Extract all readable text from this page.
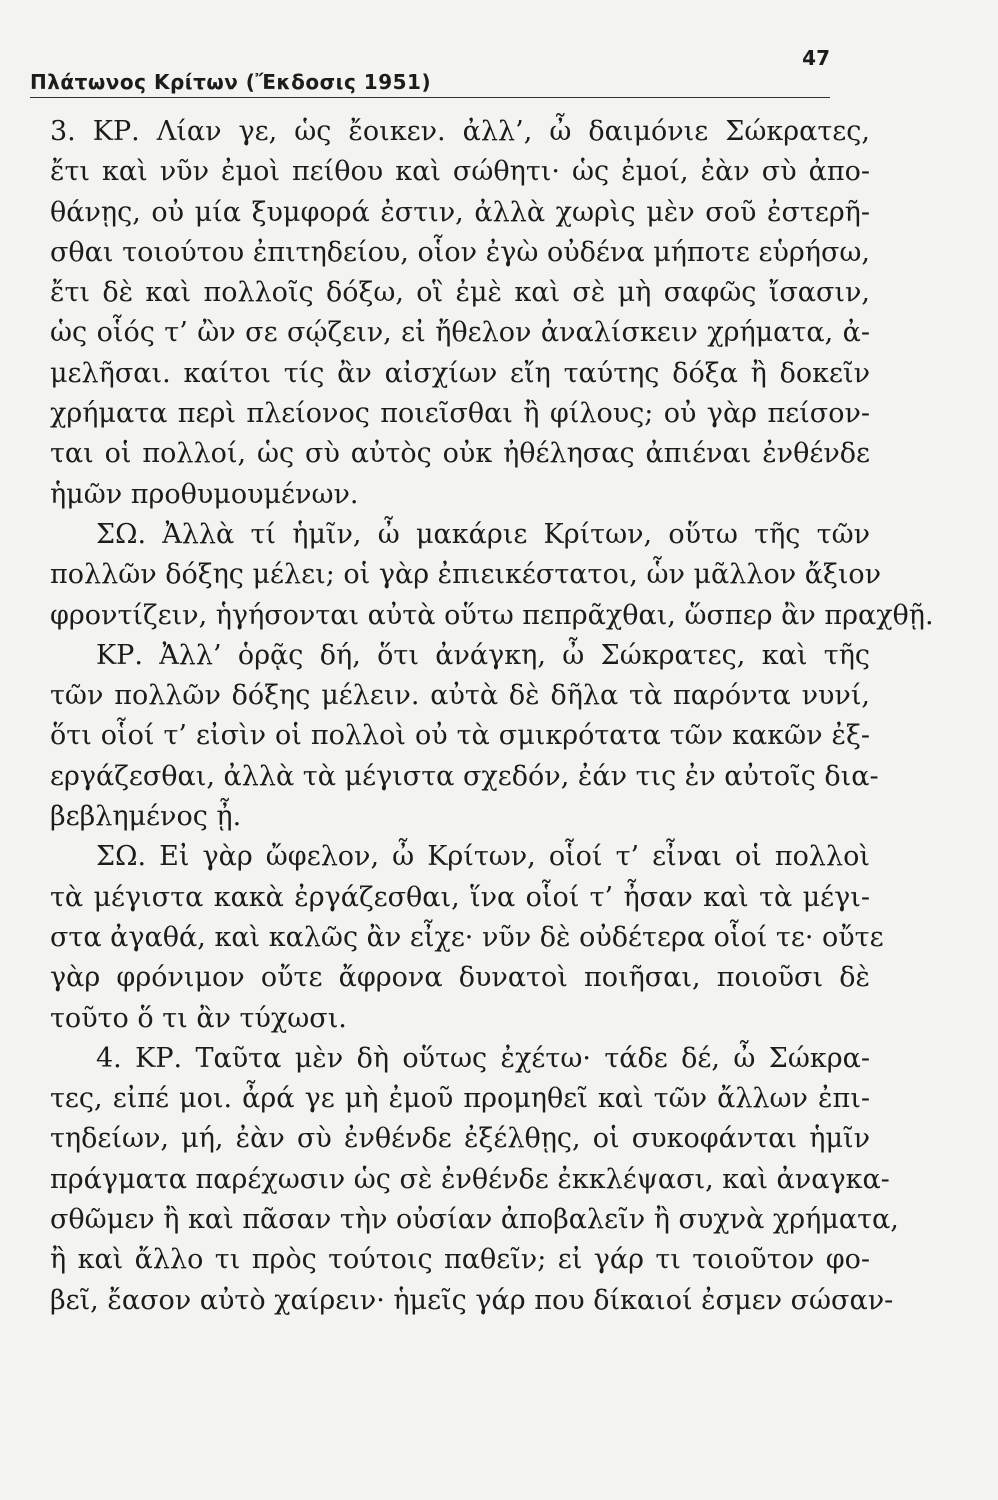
Πλάτωνος Κρίτων (Ἔκδοσις 1951)
47
3. ΚΡ. Λίαν γε, ὡς ἔοικεν. ἀλλ’, ὦ δαιμόνιε Σώκρατες,
ἔτι καὶ νῦν ἐμοὶ πείθου καὶ σώθητι· ὡς ἐμοί, ἐὰν σὺ ἀπο-
θάνῃς, οὐ μία ξυμφορά ἐστιν, ἀλλὰ χωρὶς μὲν σοῦ ἐστερῆ-
σθαι τοιούτου ἐπιτηδείου, οἷον ἐγὼ οὐδένα μήποτε εὑρήσω,
ἔτι δὲ καὶ πολλοῖς δόξω, οἳ ἐμὲ καὶ σὲ μὴ σαφῶς ἴσασιν,
ὡς οἷός τ’ ὢν σε σῴζειν, εἰ ἤθελον ἀναλίσκειν χρήματα, ἀ-
μελῆσαι. καίτοι τίς ἂν αἰσχίων εἴη ταύτης δόξα ἢ δοκεῖν
χρήματα περὶ πλείονος ποιεῖσθαι ἢ φίλους; οὐ γὰρ πείσον-
ται οἱ πολλοί, ὡς σὺ αὐτὸς οὐκ ἠθέλησας ἀπιέναι ἐνθένδε
ἡμῶν προθυμουμένων.
ΣΩ. Ἀλλὰ τί ἡμῖν, ὦ μακάριε Κρίτων, οὕτω τῆς τῶν
πολλῶν δόξης μέλει; οἱ γὰρ ἐπιεικέστατοι, ὧν μᾶλλον ἄξιον
φροντίζειν, ἡγήσονται αὐτὰ οὕτω πεπρᾶχθαι, ὥσπερ ἂν πραχθῇ.
ΚΡ. Ἀλλ’ ὁρᾷς δή, ὅτι ἀνάγκη, ὦ Σώκρατες, καὶ τῆς
τῶν πολλῶν δόξης μέλειν. αὐτὰ δὲ δῆλα τὰ παρόντα νυνί,
ὅτι οἷοί τ’ εἰσὶν οἱ πολλοὶ οὐ τὰ σμικρότατα τῶν κακῶν ἐξ-
εργάζεσθαι, ἀλλὰ τὰ μέγιστα σχεδόν, ἐάν τις ἐν αὐτοῖς δια-
βεβλημένος ᾖ.
ΣΩ. Εἰ γὰρ ὤφελον, ὦ Κρίτων, οἷοί τ’ εἶναι οἱ πολλοὶ
τὰ μέγιστα κακὰ ἐργάζεσθαι, ἵνα οἷοί τ’ ἦσαν καὶ τὰ μέγι-
στα ἀγαθά, καὶ καλῶς ἂν εἶχε· νῦν δὲ οὐδέτερα οἷοί τε· οὔτε
γὰρ φρόνιμον οὔτε ἄφρονα δυνατοὶ ποιῆσαι, ποιοῦσι δὲ
τοῦτο ὅ τι ἂν τύχωσι.
4. ΚΡ. Ταῦτα μὲν δὴ οὕτως ἐχέτω· τάδε δέ, ὦ Σώκρα-
τες, εἰπέ μοι. ἆρά γε μὴ ἐμοῦ προμηθεῖ καὶ τῶν ἄλλων ἐπι-
τηδείων, μή, ἐὰν σὺ ἐνθένδε ἐξέλθῃς, οἱ συκοφάνται ἡμῖν
πράγματα παρέχωσιν ὡς σὲ ἐνθένδε ἐκκλέψασι, καὶ ἀναγκα-
σθῶμεν ἢ καὶ πᾶσαν τὴν οὐσίαν ἀποβαλεῖν ἢ συχνὰ χρήματα,
ἢ καὶ ἄλλο τι πρὸς τούτοις παθεῖν; εἰ γάρ τι τοιοῦτον φο-
βεῖ, ἔασον αὐτὸ χαίρειν· ἡμεῖς γάρ που δίκαιοί ἐσμεν σώσαν-
